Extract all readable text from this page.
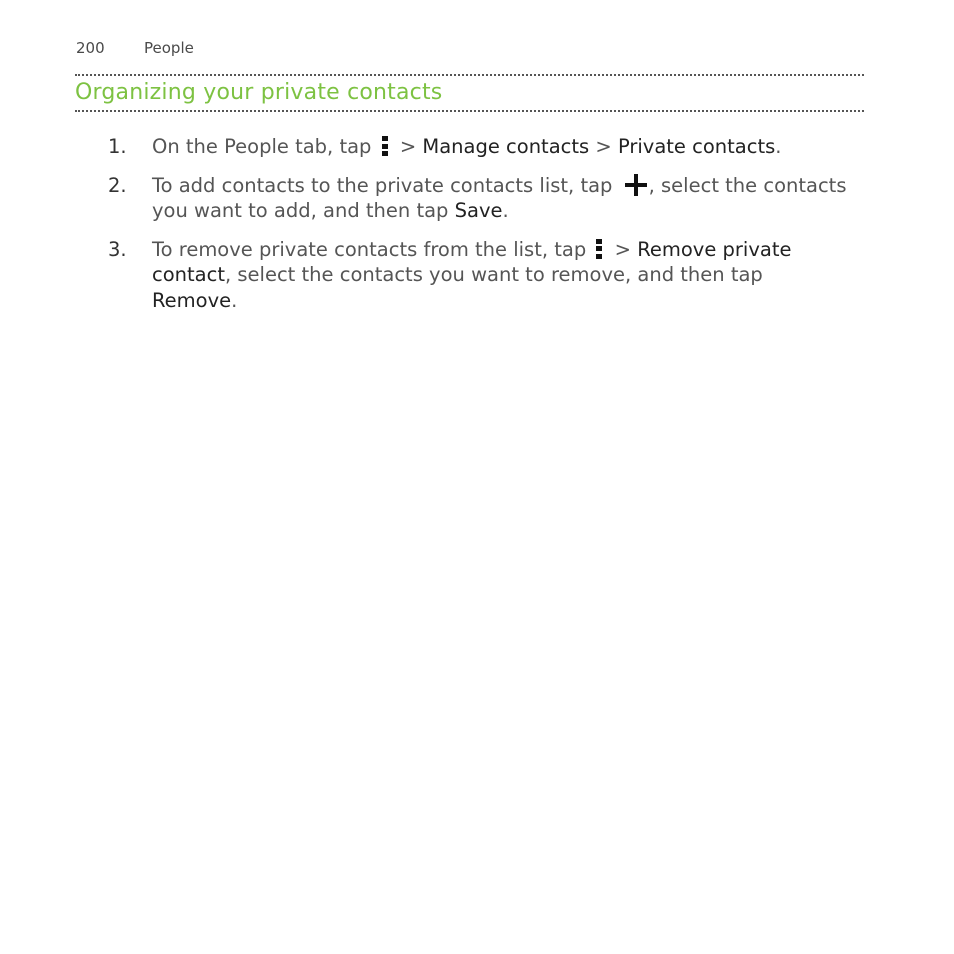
200	People
Organizing your private contacts
1.	On the People tab, tap
> Manage contacts > Private contacts.
2.	To add contacts to the private contacts list, tap , select the contacts you want to add, and then tap Save.
3.	To remove private contacts from the list, tap
> Remove private contact, select the contacts you want to remove, and then tap Remove.
